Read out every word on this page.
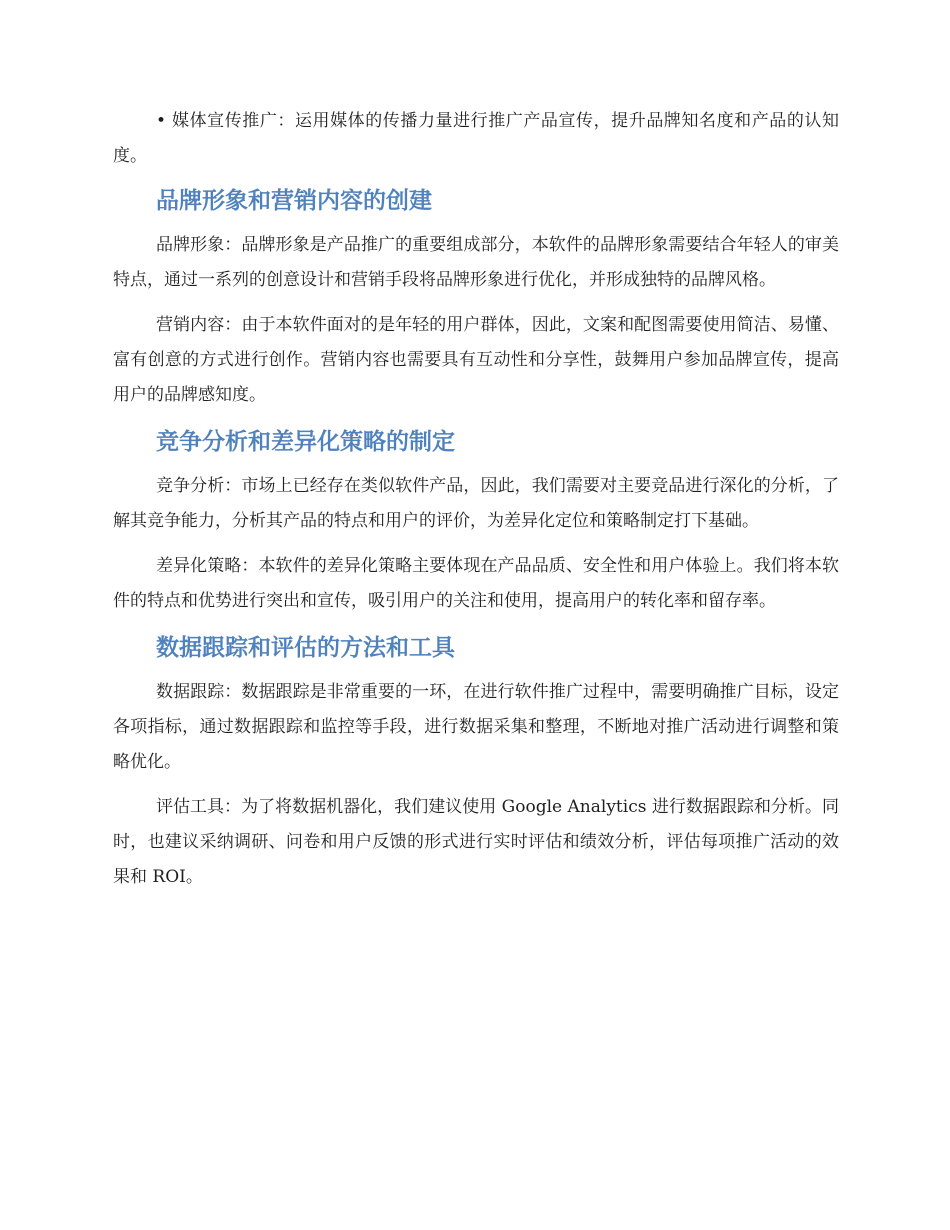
• 媒体宣传推广：运用媒体的传播力量进行推广产品宣传，提升品牌知名度和产品的认知度。

品牌形象和营销内容的创建

品牌形象：品牌形象是产品推广的重要组成部分，本软件的品牌形象需要结合年轻人的审美特点，通过一系列的创意设计和营销手段将品牌形象进行优化，并形成独特的品牌风格。

营销内容：由于本软件面对的是年轻的用户群体，因此，文案和配图需要使用简洁、易懂、富有创意的方式进行创作。营销内容也需要具有互动性和分享性，鼓舞用户参加品牌宣传，提高用户的品牌感知度。

竞争分析和差异化策略的制定

竞争分析：市场上已经存在类似软件产品，因此，我们需要对主要竞品进行深化的分析，了解其竞争能力，分析其产品的特点和用户的评价，为差异化定位和策略制定打下基础。

差异化策略：本软件的差异化策略主要体现在产品品质、安全性和用户体验上。我们将本软件的特点和优势进行突出和宣传，吸引用户的关注和使用，提高用户的转化率和留存率。

数据跟踪和评估的方法和工具

数据跟踪：数据跟踪是非常重要的一环，在进行软件推广过程中，需要明确推广目标，设定各项指标，通过数据跟踪和监控等手段，进行数据采集和整理，不断地对推广活动进行调整和策略优化。

评估工具：为了将数据机器化，我们建议使用 Google Analytics 进行数据跟踪和分析。同时，也建议采纳调研、问卷和用户反馈的形式进行实时评估和绩效分析，评估每项推广活动的效果和 ROI。
